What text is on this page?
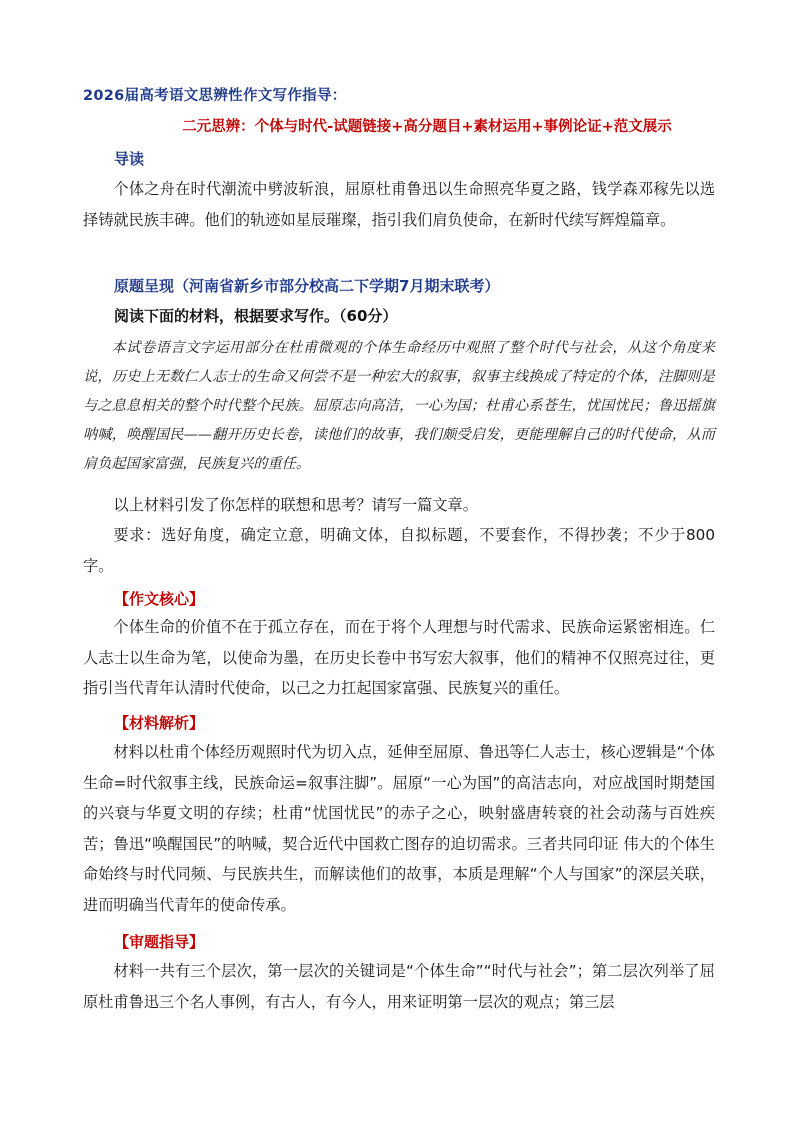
2026届高考语文思辨性作文写作指导：
二元思辨：个体与时代-试题链接+高分题目+素材运用+事例论证+范文展示
导读

个体之舟在时代潮流中劈波斩浪，屈原杜甫鲁迅以生命照亮华夏之路，钱学森邓稼先以选择铸就民族丰碑。他们的轨迹如星辰璀璨，指引我们肩负使命，在新时代续写辉煌篇章。

原题呈现（河南省新乡市部分校高二下学期7月期末联考）
阅读下面的材料，根据要求写作。（60分）

本试卷语言文字运用部分在杜甫微观的个体生命经历中观照了整个时代与社会，从这个角度来说，历史上无数仁人志士的生命又何尝不是一种宏大的叙事，叙事主线换成了特定的个体，注脚则是与之息息相关的整个时代整个民族。屈原志向高洁，一心为国；杜甫心系苍生，忧国忧民；鲁迅摇旗呐喊，唤醒国民——翻开历史长卷，读他们的故事，我们颇受启发，更能理解自己的时代使命，从而肩负起国家富强，民族复兴的重任。

以上材料引发了你怎样的联想和思考？请写一篇文章。

要求：选好角度，确定立意，明确文体，自拟标题，不要套作，不得抄袭；不少于800字。

【作文核心】

个体生命的价值不在于孤立存在，而在于将个人理想与时代需求、民族命运紧密相连。仁人志士以生命为笔，以使命为墨，在历史长卷中书写宏大叙事，他们的精神不仅照亮过往，更指引当代青年认清时代使命，以己之力扛起国家富强、民族复兴的重任。

【材料解析】

材料以杜甫个体经历观照时代为切入点，延伸至屈原、鲁迅等仁人志士，核心逻辑是“个体生命=时代叙事主线，民族命运=叙事注脚”。屈原“一心为国”的高洁志向，对应战国时期楚国的兴衰与华夏文明的存续；杜甫“忧国忧民”的赤子之心，映射盛唐转衰的社会动荡与百姓疾苦；鲁迅“唤醒国民”的呐喊，契合近代中国救亡图存的迫切需求。三者共同印证 伟大的个体生命始终与时代同频、与民族共生，而解读他们的故事，本质是理解“个人与国家”的深层关联，进而明确当代青年的使命传承。

【审题指导】

材料一共有三个层次，第一层次的关键词是“个体生命”“时代与社会”；第二层次列举了屈原杜甫鲁迅三个名人事例，有古人，有今人，用来证明第一层次的观点；第三层
